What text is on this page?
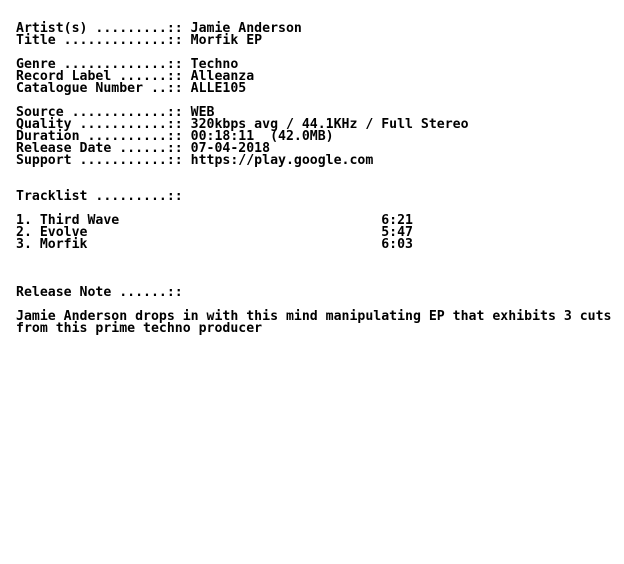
Artist(s) .........:: Jamie Anderson
Title .............:: Morfik EP
Genre .............:: Techno
Record Label ......:: Alleanza
Catalogue Number ..:: ALLE105
Source ............:: WEB
Quality ...........:: 320kbps avg / 44.1KHz / Full Stereo
Duration ..........:: 00:18:11  (42.0MB)
Release Date ......:: 07-04-2018
Support ...........:: https://play.google.com
Tracklist .........::
1. Third Wave                                 6:21
2. Evolve                                     5:47
3. Morfik                                     6:03
Release Note ......::
Jamie Anderson drops in with this mind manipulating EP that exhibits 3 cuts
from this prime techno producer
